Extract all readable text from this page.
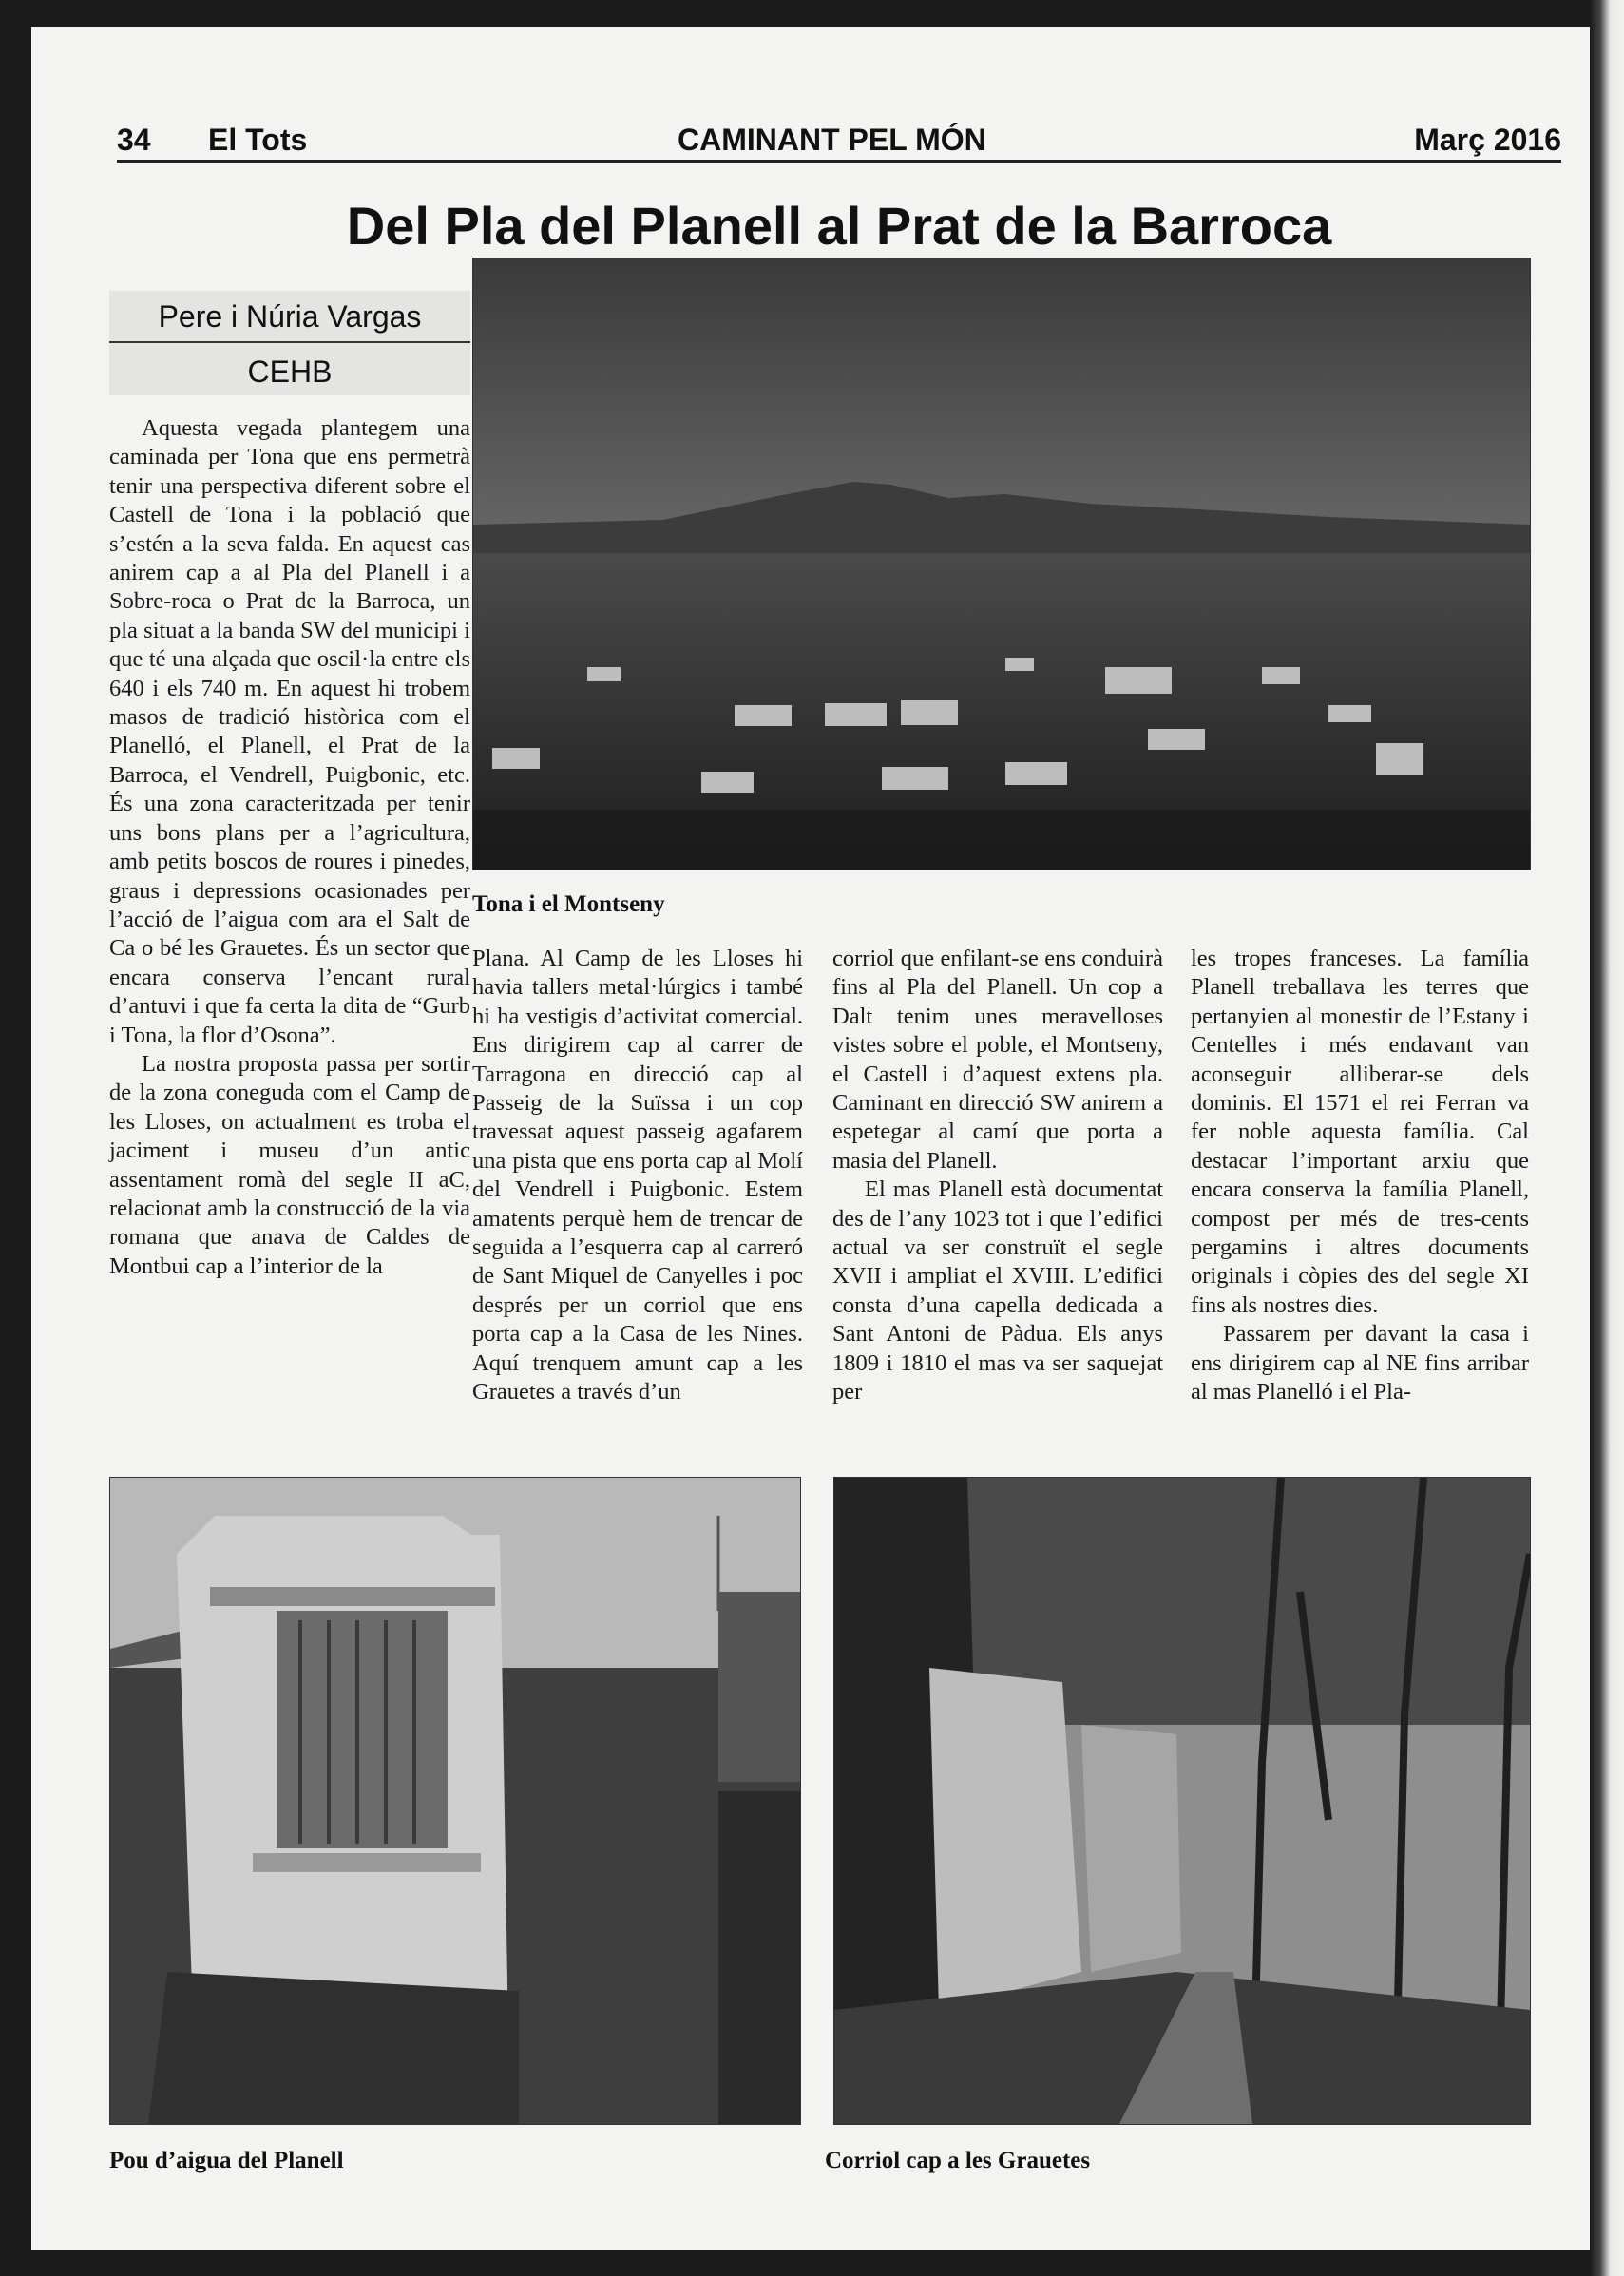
34 El Tots	CAMINANT PEL MÓN	Març 2016
Del Pla del Planell al Prat de la Barroca
Pere i Núria Vargas
CEHB

Aquesta vegada plantegem una caminada per Tona que ens permetrà tenir una perspectiva diferent sobre el Castell de Tona i la població que s’estén a la seva falda. En aquest cas anirem cap a al Pla del Planell i a Sobre-roca o Prat de la Barroca, un pla situat a la banda SW del municipi i que té una alçada que oscil·la entre els 640 i els 740 m. En aquest hi trobem masos de tradició històrica com el Planelló, el Planell, el Prat de la Barroca, el Vendrell, Puigbonic, etc. És una zona caracteritzada per tenir uns bons plans per a l’agricultura, amb petits boscos de roures i pinedes, graus i depressions ocasionades per l’acció de l’aigua com ara el Salt de Ca o bé les Grauetes. És un sector que encara conserva l’encant rural d’antuvi i que fa certa la dita de “Gurb i Tona, la flor d’Osona”.

La nostra proposta passa per sortir de la zona coneguda com el Camp de les Lloses, on actualment es troba el jaciment i museu d’un antic assentament romà del segle II aC, relacionat amb la construcció de la via romana que anava de Caldes de Montbui cap a l’interior de la

Tona i el Montseny

Plana. Al Camp de les Lloses hi havia tallers metal·lúrgics i també hi ha vestigis d’activitat comercial. Ens dirigirem cap al carrer de Tarragona en direcció cap al Passeig de la Suïssa i un cop travessat aquest passeig agafarem una pista que ens porta cap al Molí del Vendrell i Puigbonic. Estem amatents perquè hem de trencar de seguida a l’esquerra cap al carreró de Sant Miquel de Canyelles i poc després per un corriol que ens porta cap a la Casa de les Nines. Aquí trenquem amunt cap a les Grauetes a través d’un

corriol que enfilant-se ens conduirà fins al Pla del Planell. Un cop a Dalt tenim unes meravelloses vistes sobre el poble, el Montseny, el Castell i d’aquest extens pla. Caminant en direcció SW anirem a espetegar al camí que porta a masia del Planell.

El mas Planell està documentat des de l’any 1023 tot i que l’edifici actual va ser construït el segle XVII i ampliat el XVIII. L’edifici consta d’una capella dedicada a Sant Antoni de Pàdua. Els anys 1809 i 1810 el mas va ser saquejat per

les tropes franceses. La família Planell treballava les terres que pertanyien al monestir de l’Estany i Centelles i més endavant van aconseguir alliberar-se dels dominis. El 1571 el rei Ferran va fer noble aquesta família. Cal destacar l’important arxiu que encara conserva la família Planell, compost per més de tres-cents pergamins i altres documents originals i còpies des del segle XI fins als nostres dies.

Passarem per davant la casa i ens dirigirem cap al NE fins arribar al mas Planelló i el Pla-

Pou d’aigua del Planell	Corriol cap a les Grauetes
